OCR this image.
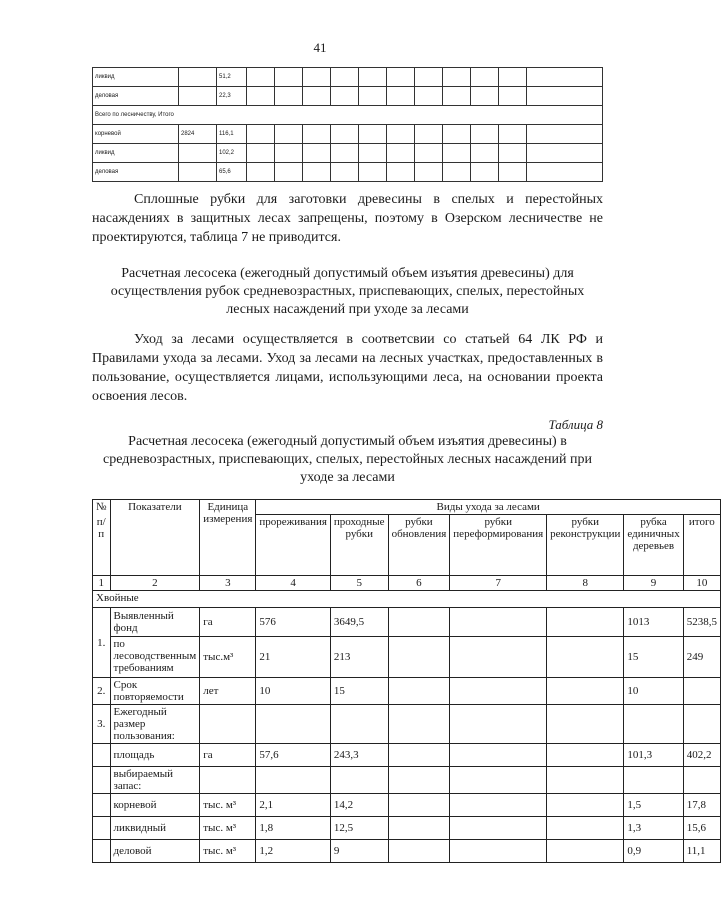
41
ликвид		51,2											
деловая		22,3											
Всего по лесничеству, Итого													
корневой	2824	116,1											
ликвид		102,2											
деловая		65,6											
Сплошные рубки для заготовки древесины в спелых и перестойных насаждениях в защитных лесах запрещены, поэтому в Озерском лесничестве не проектируются, таблица 7 не приводится.
Расчетная лесосека (ежегодный допустимый объем изъятия древесины) для осуществления рубок средневозрастных, приспевающих, спелых, перестойных лесных насаждений при уходе за лесами
Уход за лесами осуществляется в соответсвии со статьей 64 ЛК РФ и Правилами ухода за лесами. Уход за лесами на лесных участках, предоставленных в пользование, осуществляется лицами, использующими леса, на основании проекта освоения лесов.
Таблица 8
Расчетная лесосека (ежегодный допустимый объем изъятия древесины) в средневозрастных, приспевающих, спелых, перестойных лесных насаждений при уходе за лесами
№	Показатели	Единица измерения	Виды ухода за лесами						
п/п			прореживания	проходные рубки	рубки обновления	рубки переформирования	рубки реконструкции	рубка единичных деревьев	итого
1	2	3	4	5	6	7	8	9	10
Хвойные									
1.	Выявленный фонд	га	576	3649,5				1013	5238,5
	по лесоводственным требованиям	тыс.м³	21	213				15	249
2.	Срок повторяемости	лет	10	15				10	
3.	Ежегодный размер пользования:								
	площадь	га	57,6	243,3				101,3	402,2
	выбираемый запас:								
	корневой	тыс. м³	2,1	14,2				1,5	17,8
	ликвидный	тыс. м³	1,8	12,5				1,3	15,6
	деловой	тыс. м³	1,2	9				0,9	11,1
